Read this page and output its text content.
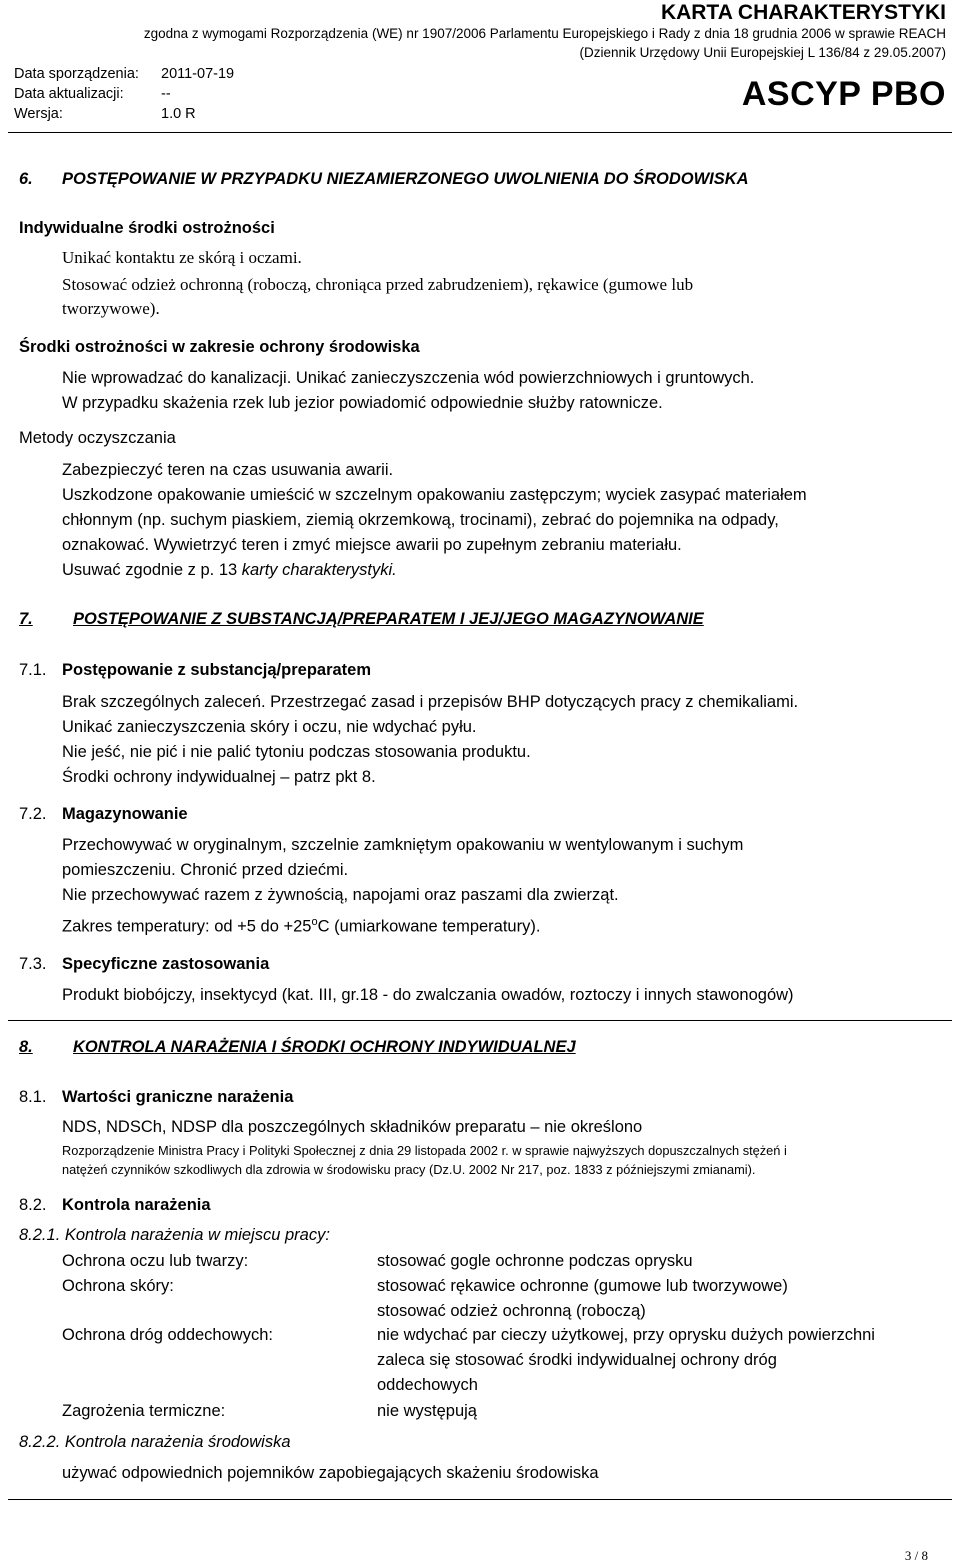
KARTA CHARAKTERYSTYKI
zgodna z wymogami Rozporządzenia (WE) nr 1907/2006 Parlamentu Europejskiego i Rady z dnia 18 grudnia 2006 w sprawie REACH
(Dziennik Urzędowy Unii Europejskiej L 136/84 z 29.05.2007)
Data sporządzenia: 2011-07-19
Data aktualizacji:	--
Wersja:	1.0 R
ASCYP PBO
6. POSTĘPOWANIE W PRZYPADKU NIEZAMIERZONEGO UWOLNIENIA DO ŚRODOWISKA
Indywidualne środki ostrożności
Unikać kontaktu ze skórą i oczami.
Stosować odzież ochronną (roboczą, chroniąca przed zabrudzeniem), rękawice (gumowe lub
tworzywowe).
Środki ostrożności w zakresie ochrony środowiska
Nie wprowadzać do kanalizacji. Unikać zanieczyszczenia wód powierzchniowych i gruntowych.
W przypadku skażenia rzek lub jezior powiadomić odpowiednie służby ratownicze.
Metody oczyszczania
Zabezpieczyć teren na czas usuwania awarii.
Uszkodzone opakowanie umieścić w szczelnym opakowaniu zastępczym; wyciek zasypać materiałem
chłonnym (np. suchym piaskiem, ziemią okrzemkową, trocinami), zebrać do pojemnika na odpady,
oznakować. Wywietrzyć teren i zmyć miejsce awarii po zupełnym zebraniu materiału.
Usuwać zgodnie z p. 13 karty charakterystyki.
7. POSTĘPOWANIE Z SUBSTANCJĄ/PREPARATEM I JEJ/JEGO MAGAZYNOWANIE
7.1. Postępowanie z substancją/preparatem
Brak szczególnych zaleceń. Przestrzegać zasad i przepisów BHP dotyczących pracy z chemikaliami.
Unikać zanieczyszczenia skóry i oczu, nie wdychać pyłu.
Nie jeść, nie pić i nie palić tytoniu podczas stosowania produktu.
Środki ochrony indywidualnej – patrz pkt 8.
7.2. Magazynowanie
Przechowywać w oryginalnym, szczelnie zamkniętym opakowaniu w wentylowanym i suchym
pomieszczeniu. Chronić przed dziećmi.
Nie przechowywać razem z żywnością, napojami oraz paszami dla zwierząt.
Zakres temperatury: od +5 do $+25^oC$ (umiarkowane temperatury).
7.3. Specyficzne zastosowania
Produkt biobójczy, insektycyd (kat. III, gr.18 - do zwalczania owadów, roztoczy i innych stawonogów)
8. KONTROLA NARAŻENIA I ŚRODKI OCHRONY INDYWIDUALNEJ
8.1. Wartości graniczne narażenia
NDS, NDSCh, NDSP dla poszczególnych składników preparatu – nie określono
Rozporządzenie Ministra Pracy i Polityki Społecznej z dnia 29 listopada 2002 r. w sprawie najwyższych dopuszczalnych stężeń i
natężeń czynników szkodliwych dla zdrowia w środowisku pracy (Dz.U. 2002 Nr 217, poz. 1833 z późniejszymi zmianami).
8.2. Kontrola narażenia
8.2.1. Kontrola narażenia w miejscu pracy:
Ochrona oczu lub twarzy:	stosować gogle ochronne podczas oprysku
Ochrona skóry:	stosować rękawice ochronne (gumowe lub tworzywowe)
stosować odzież ochronną (roboczą)
Ochrona dróg oddechowych:	nie wdychać par cieczy użytkowej, przy oprysku dużych powierzchni
zaleca się stosować środki indywidualnej ochrony dróg
oddechowych
Zagrożenia termiczne:	nie występują
8.2.2. Kontrola narażenia środowiska
używać odpowiednich pojemników zapobiegających skażeniu środowiska
3 / 8
